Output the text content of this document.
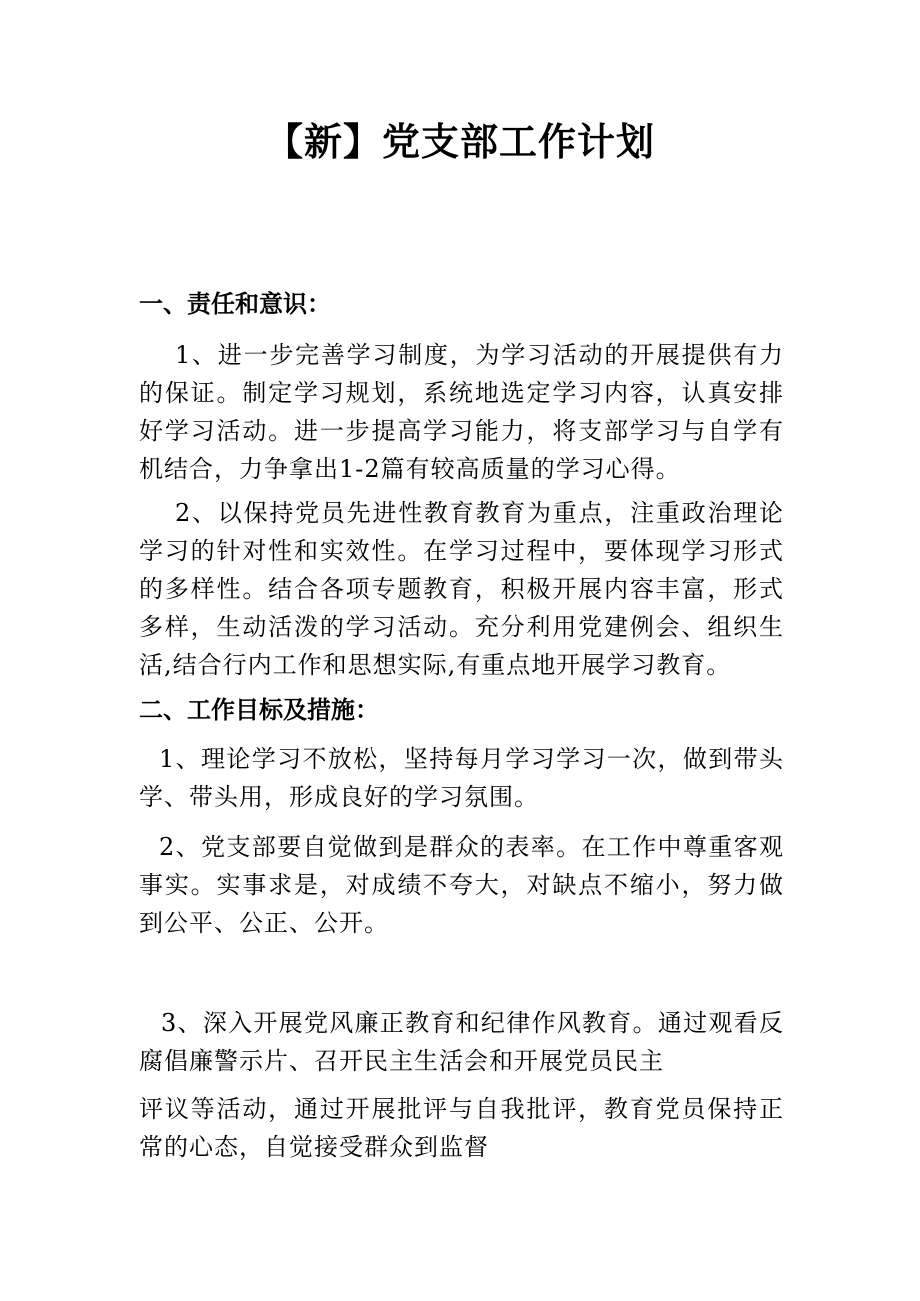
【新】党支部工作计划
一、责任和意识：
1、进一步完善学习制度，为学习活动的开展提供有力的保证。制定学习规划，系统地选定学习内容，认真安排好学习活动。进一步提高学习能力，将支部学习与自学有机结合，力争拿出1-2篇有较高质量的学习心得。
2、以保持党员先进性教育教育为重点，注重政治理论学习的针对性和实效性。在学习过程中，要体现学习形式的多样性。结合各项专题教育，积极开展内容丰富，形式多样，生动活泼的学习活动。充分利用党建例会、组织生活,结合行内工作和思想实际,有重点地开展学习教育。
二、工作目标及措施：
1、理论学习不放松，坚持每月学习学习一次，做到带头学、带头用，形成良好的学习氛围。
2、党支部要自觉做到是群众的表率。在工作中尊重客观事实。实事求是，对成绩不夸大，对缺点不缩小，努力做到公平、公正、公开。
3、深入开展党风廉正教育和纪律作风教育。通过观看反腐倡廉警示片、召开民主生活会和开展党员民主
评议等活动，通过开展批评与自我批评，教育党员保持正常的心态，自觉接受群众到监督
